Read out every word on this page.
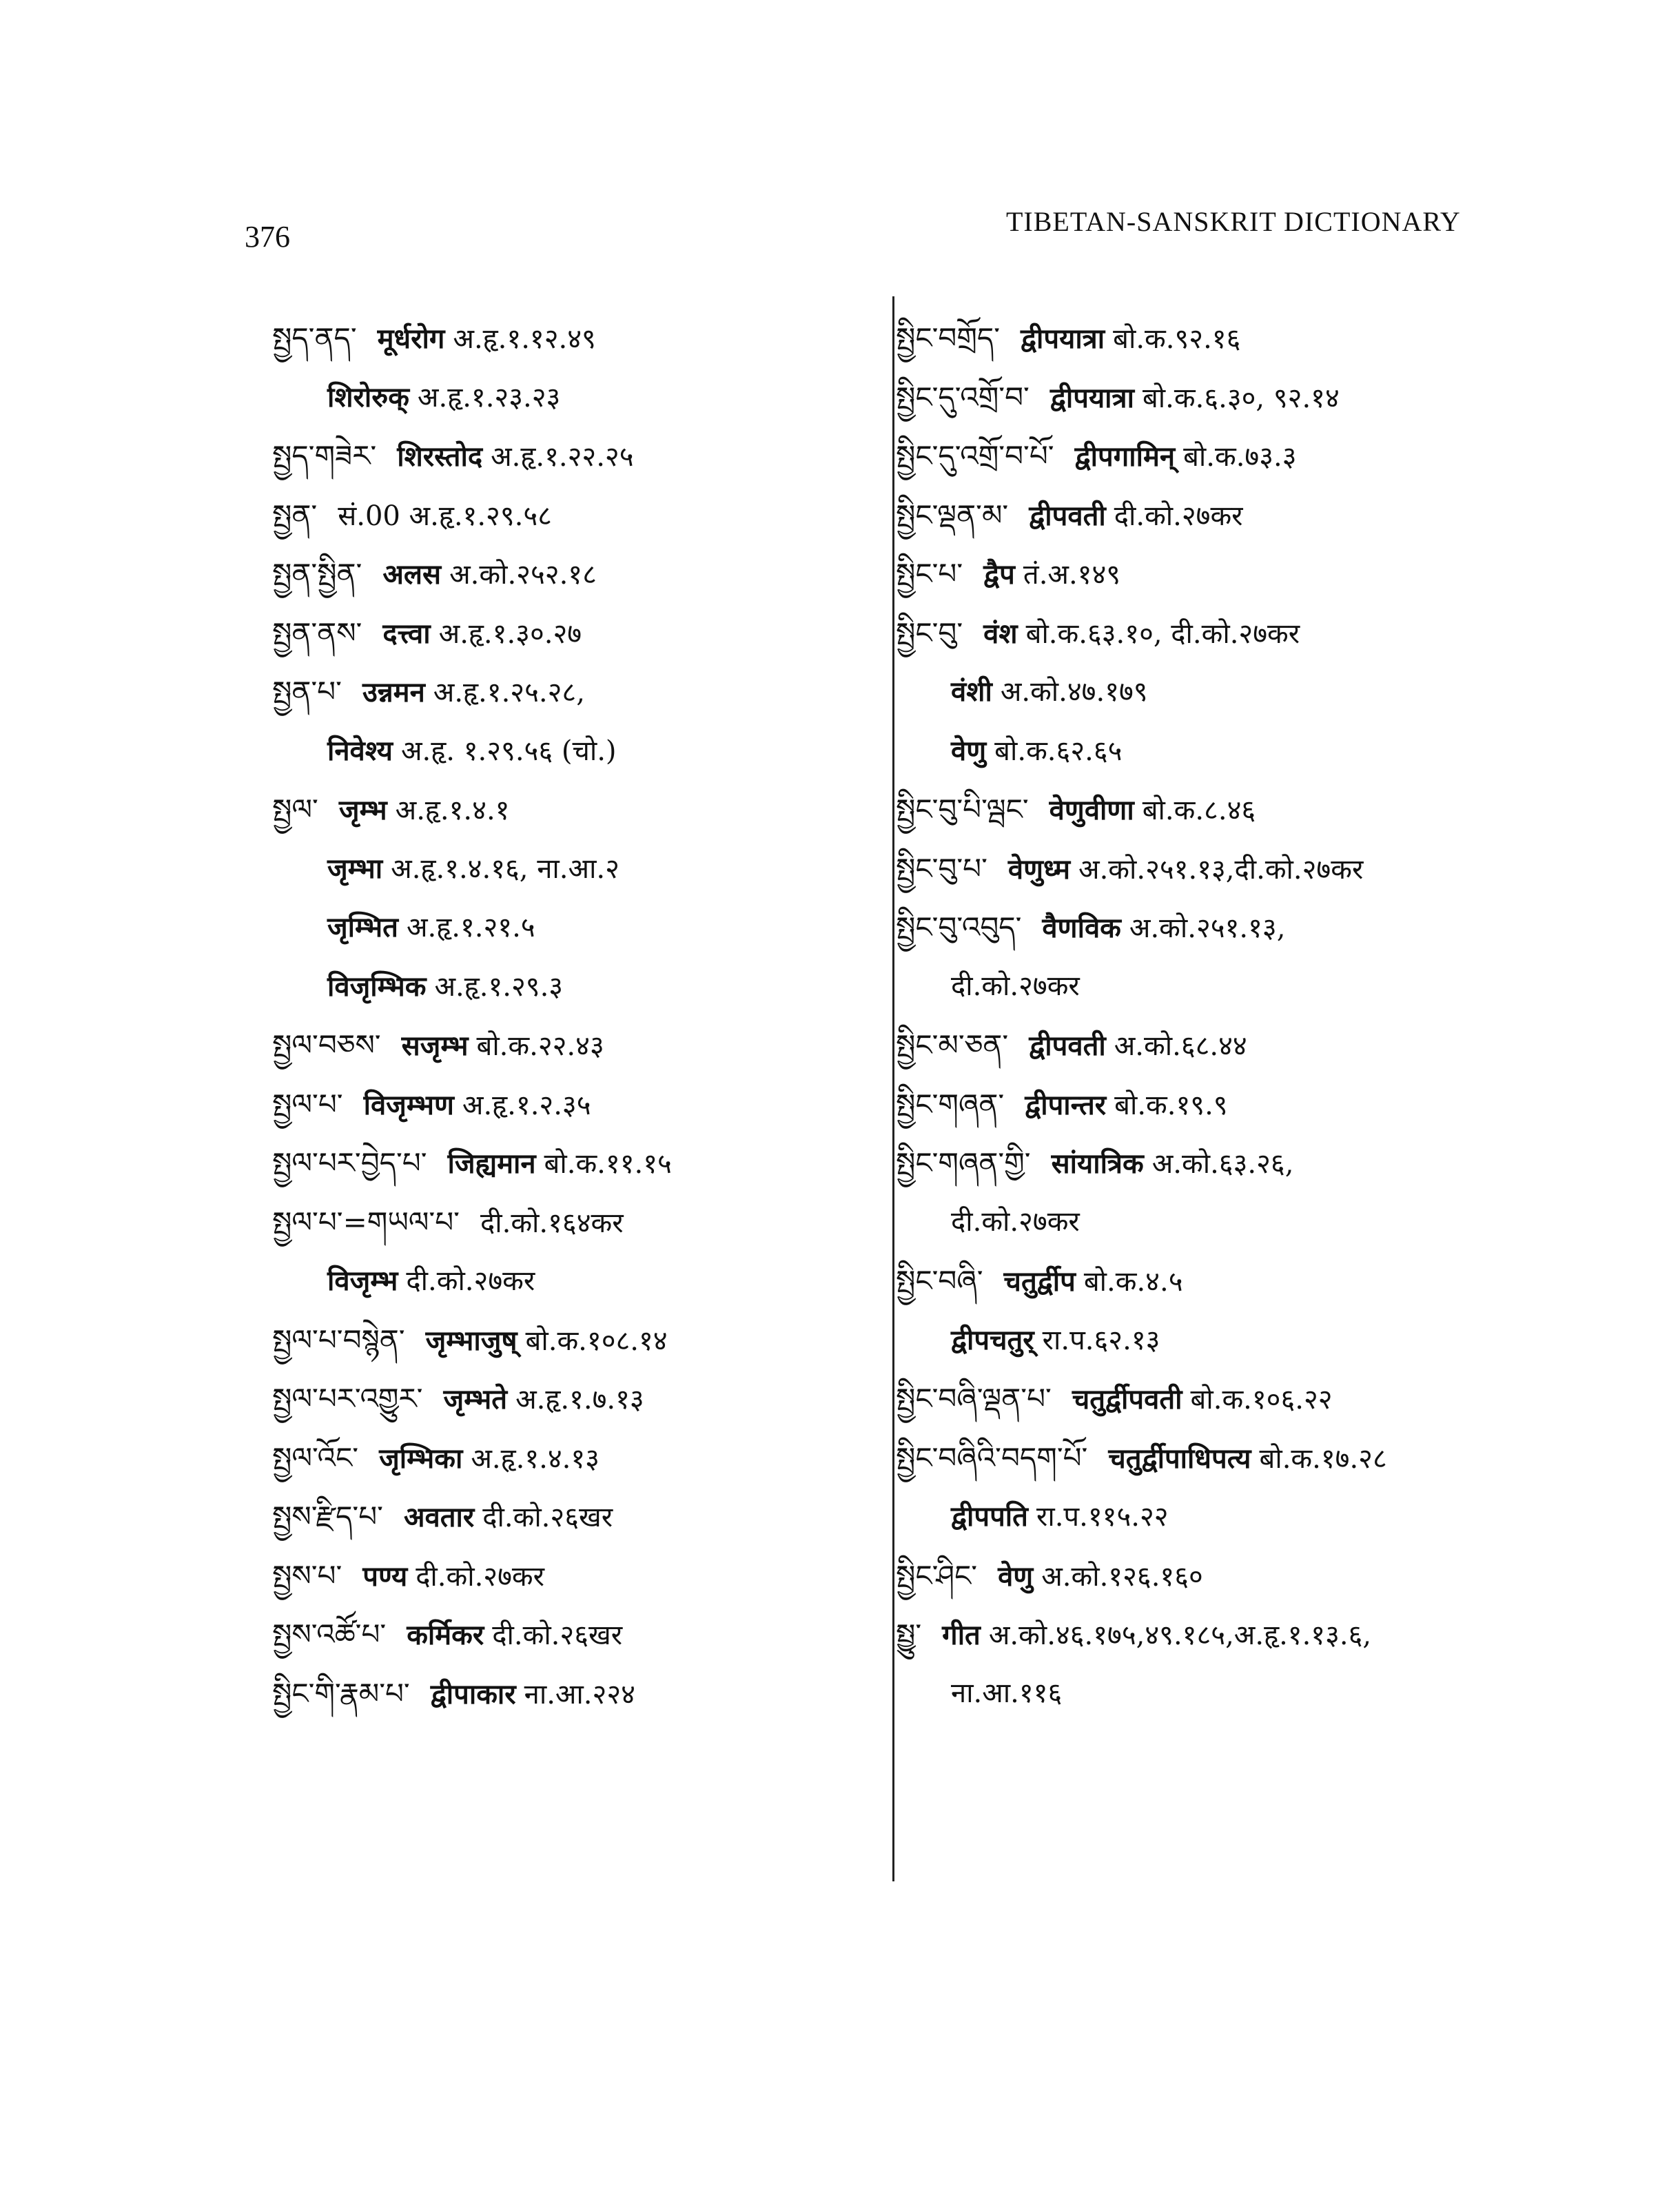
376	TIBETAN-SANSKRIT DICTIONARY
སྤྱད་ནད་ मूर्धरोग अ.हृ.१.१२.४९
शिरोरुक् अ.हृ.१.२३.२३
སྤྱད་གཟེར་ शिरस्तोद अ.हृ.१.२२.२५
སྤྱན་ सं.00 अ.हृ.१.२९.५८
སྤྱན་སྤྱིན་ अलस अ.को.२५२.१८
སྤྱན་ནས་ दत्त्वा अ.हृ.१.३०.२७
སྤྱན་པ་ उन्नमन अ.हृ.१.२५.२८,
निवेश्य अ.हृ. १.२९.५६ (चो.)
སྤྱལ་ जृम्भ अ.हृ.१.४.१
जृम्भा अ.हृ.१.४.१६, ना.आ.२
जृम्भित अ.हृ.१.२१.५
विजृम्भिक अ.हृ.१.२९.३
སྤྱལ་བཅས་ सजृम्भ बो.क.२२.४३
སྤྱལ་པ་ विजृम्भण अ.हृ.१.२.३५
སྤྱལ་པར་བྱེད་པ་ जिह्यमान बो.क.११.१५
སྤྱལ་པ་=གཡལ་པ་ दी.को.१६४कर
विजृम्भ दी.को.२७कर
སྤྱལ་པ་བསྙེན་ जृम्भाजुष् बो.क.१०८.१४
སྤྱལ་པར་འགྱུར་ जृम्भते अ.हृ.१.७.१३
སྤྱལ་འོང་ जृम्भिका अ.हृ.१.४.१३
སྤྱས་རྫིད་པ་ अवतार दी.को.२६खर
སྤྱས་པ་ पण्य दी.को.२७कर
སྤྱས་འཚོ་པ་ कर्मिकर दी.को.२६खर
སྤྱིང་གི་རྣམ་པ་ द्वीपाकार ना.आ.२२४
སྤྱིང་བགྲོད་ द्वीपयात्रा बो.क.९२.१६
སྤྱིང་དུ་འགྲོ་བ་ द्वीपयात्रा बो.क.६.३०, ९२.१४
སྤྱིང་དུ་འགྲོ་བ་པོ་ द्वीपगामिन् बो.क.७३.३
སྤྱིང་ལྡན་མ་ द्वीपवती दी.को.२७कर
སྤྱིང་པ་ द्वैप तं.अ.१४९
སྤྱིང་བུ་ वंश बो.क.६३.१०, दी.को.२७कर
वंशी अ.को.४७.१७९
वेणु बो.क.६२.६५
སྤྱིང་བུ་པི་ལྦང་ वेणुवीणा बो.क.८.४६
སྤྱིང་བུ་པ་ वेणुध्म अ.को.२५१.१३,दी.को.२७कर
སྤྱིང་བུ་འབུད་ वैणविक अ.को.२५१.१३,
दी.को.२७कर
སྤྱིང་མ་ཅན་ द्वीपवती अ.को.६८.४४
སྤྱིང་གཞན་ द्वीपान्तर बो.क.१९.९
སྤྱིང་གཞན་གྱི་ सांयात्रिक अ.को.६३.२६,
दी.को.२७कर
སྤྱིང་བཞི་ चतुर्द्वीप बो.क.४.५
द्वीपचतुर् रा.प.६२.१३
སྤྱིང་བཞི་ལྡན་པ་ चतुर्द्वीपवती बो.क.१०६.२२
སྤྱིང་བཞིའི་བདག་པོ་ चतुर्द्वीपाधिपत्य बो.क.१७.२८
द्वीपपति रा.प.११५.२२
སྤྱིང་ཤིང་ वेणु अ.को.१२६.१६०
སྤྱུ་ गीत अ.को.४६.१७५,४९.१८५,अ.हृ.१.१३.६,
ना.आ.११६
